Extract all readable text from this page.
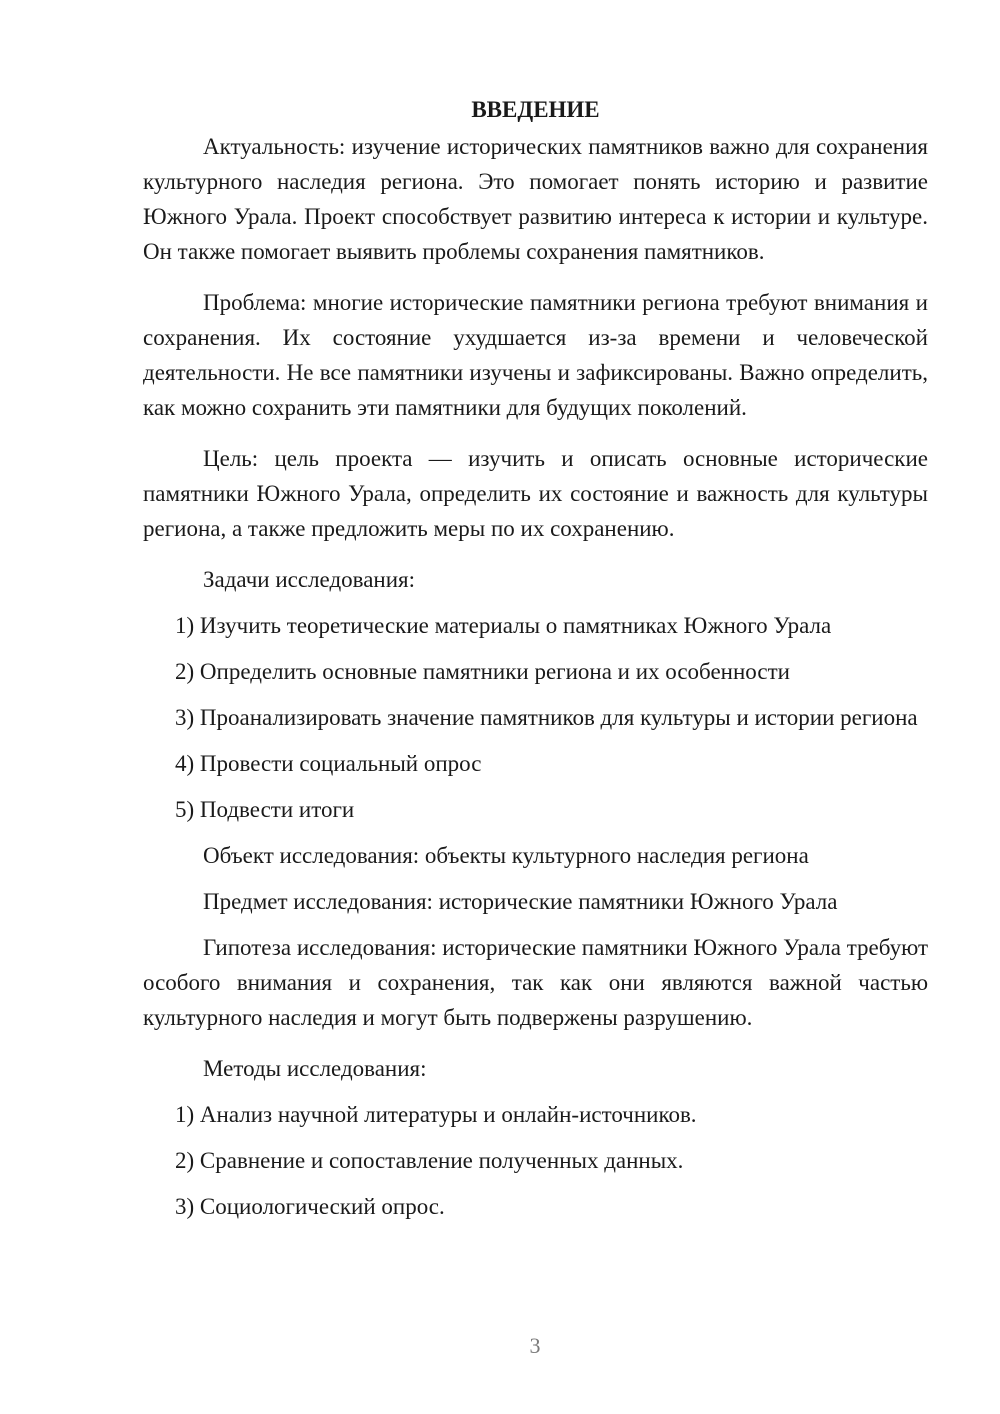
ВВЕДЕНИЕ

Актуальность: изучение исторических памятников важно для сохранения культурного наследия региона. Это помогает понять историю и развитие Южного Урала. Проект способствует развитию интереса к истории и культуре. Он также помогает выявить проблемы сохранения памятников.

Проблема: многие исторические памятники региона требуют внимания и сохранения. Их состояние ухудшается из-за времени и человеческой деятельности. Не все памятники изучены и зафиксированы. Важно определить, как можно сохранить эти памятники для будущих поколений.

Цель: цель проекта — изучить и описать основные исторические памятники Южного Урала, определить их состояние и важность для культуры региона, а также предложить меры по их сохранению.

Задачи исследования:

1) Изучить теоретические материалы о памятниках Южного Урала

2) Определить основные памятники региона и их особенности

3) Проанализировать значение памятников для культуры и истории региона

4) Провести социальный опрос

5) Подвести итоги

Объект исследования: объекты культурного наследия региона

Предмет исследования: исторические памятники Южного Урала

Гипотеза исследования: исторические памятники Южного Урала требуют особого внимания и сохранения, так как они являются важной частью культурного наследия и могут быть подвержены разрушению.

Методы исследования:

1) Анализ научной литературы и онлайн-источников.

2) Сравнение и сопоставление полученных данных.

3) Социологический опрос.

3
